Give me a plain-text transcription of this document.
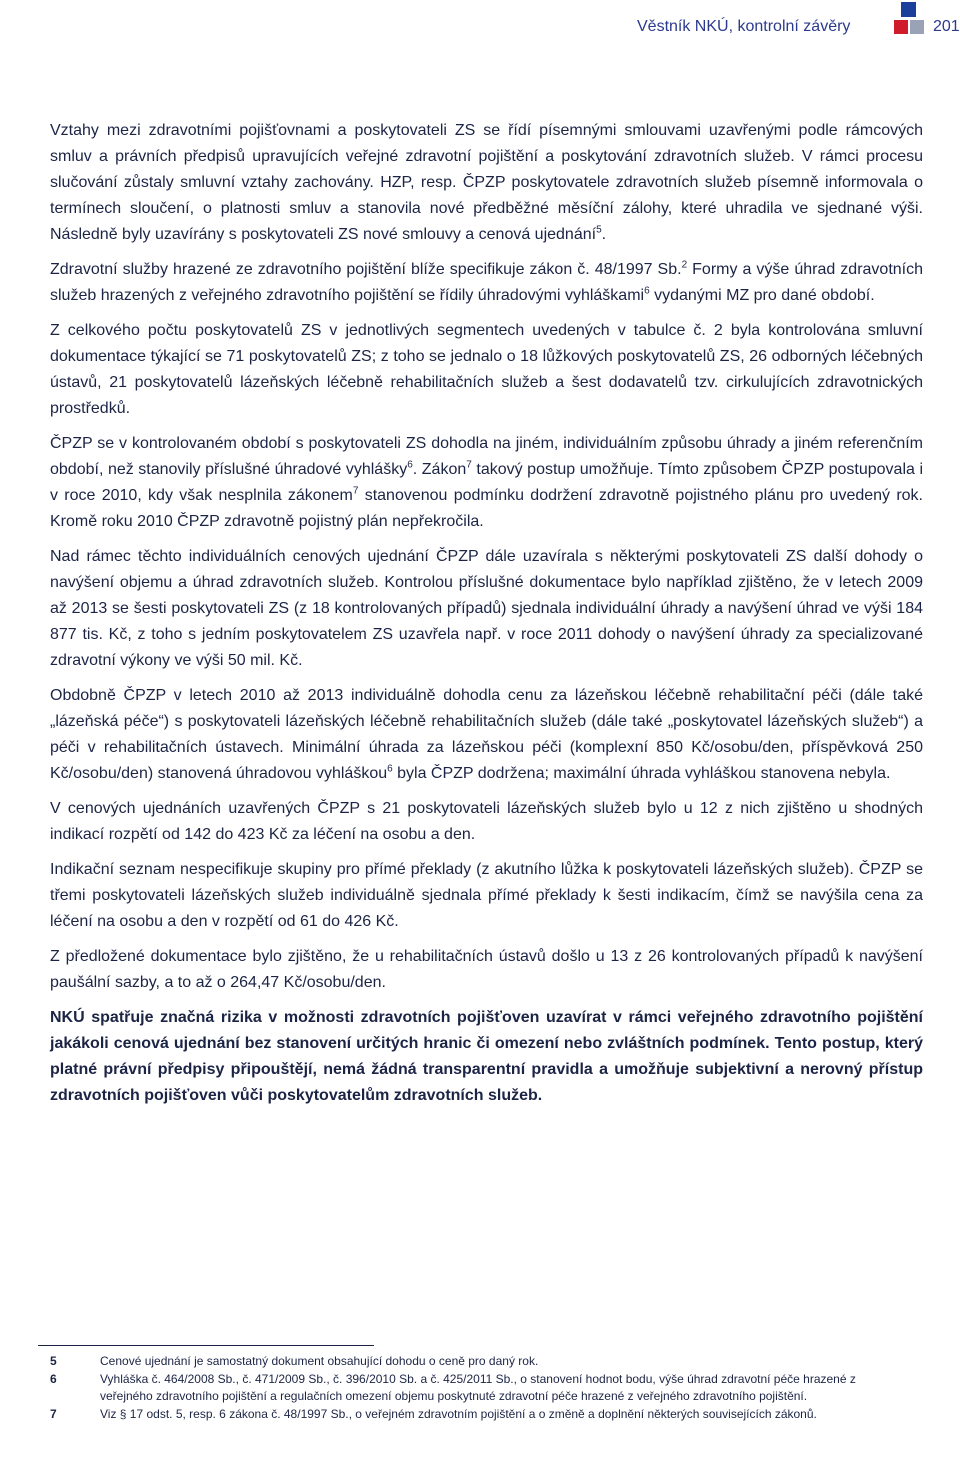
Věstník NKÚ, kontrolní závěry	201

Vztahy mezi zdravotními pojišťovnami a poskytovateli ZS se řídí písemnými smlouvami uzavřenými podle rámcových smluv a právních předpisů upravujících veřejné zdravotní pojištění a poskytování zdravotních služeb. V rámci procesu slučování zůstaly smluvní vztahy zachovány. HZP, resp. ČPZP poskytovatele zdravotních služeb písemně informovala o termínech sloučení, o platnosti smluv a stanovila nové předběžné měsíční zálohy, které uhradila ve sjednané výši. Následně byly uzavírány s poskytovateli ZS nové smlouvy a cenová ujednání$^5$.

Zdravotní služby hrazené ze zdravotního pojištění blíže specifikuje zákon č. 48/1997 Sb.$^2$ Formy a výše úhrad zdravotních služeb hrazených z veřejného zdravotního pojištění se řídily úhradovými vyhláškami$^6$ vydanými MZ pro dané období.

Z celkového počtu poskytovatelů ZS v jednotlivých segmentech uvedených v tabulce č. 2 byla kontrolována smluvní dokumentace týkající se 71 poskytovatelů ZS; z toho se jednalo o 18 lůžkových poskytovatelů ZS, 26 odborných léčebných ústavů, 21 poskytovatelů lázeňských léčebně rehabilitačních služeb a šest dodavatelů tzv. cirkulujících zdravotnických prostředků.

ČPZP se v kontrolovaném období s poskytovateli ZS dohodla na jiném, individuálním způsobu úhrady a jiném referenčním období, než stanovily příslušné úhradové vyhlášky$^6$. Zákon$^7$ takový postup umožňuje. Tímto způsobem ČPZP postupovala i v roce 2010, kdy však nesplnila zákonem$^7$ stanovenou podmínku dodržení zdravotně pojistného plánu pro uvedený rok. Kromě roku 2010 ČPZP zdravotně pojistný plán nepřekročila.

Nad rámec těchto individuálních cenových ujednání ČPZP dále uzavírala s některými poskytovateli ZS další dohody o navýšení objemu a úhrad zdravotních služeb. Kontrolou příslušné dokumentace bylo například zjištěno, že v letech 2009 až 2013 se šesti poskytovateli ZS (z 18 kontrolovaných případů) sjednala individuální úhrady a navýšení úhrad ve výši 184 877 tis. Kč, z toho s jedním poskytovatelem ZS uzavřela např. v roce 2011 dohody o navýšení úhrady za specializované zdravotní výkony ve výši 50 mil. Kč.

Obdobně ČPZP v letech 2010 až 2013 individuálně dohodla cenu za lázeňskou léčebně rehabilitační péči (dále také „lázeňská péče“) s poskytovateli lázeňských léčebně rehabilitačních služeb (dále také „poskytovatel lázeňských služeb“) a péči v rehabilitačních ústavech. Minimální úhrada za lázeňskou péči (komplexní 850 Kč/osobu/den, příspěvková 250 Kč/osobu/den) stanovená úhradovou vyhláškou$^6$ byla ČPZP dodržena; maximální úhrada vyhláškou stanovena nebyla.

V cenových ujednáních uzavřených ČPZP s 21 poskytovateli lázeňských služeb bylo u 12 z nich zjištěno u shodných indikací rozpětí od 142 do 423 Kč za léčení na osobu a den.

Indikační seznam nespecifikuje skupiny pro přímé překlady (z akutního lůžka k poskytovateli lázeňských služeb). ČPZP se třemi poskytovateli lázeňských služeb individuálně sjednala přímé překlady k šesti indikacím, čímž se navýšila cena za léčení na osobu a den v rozpětí od 61 do 426 Kč.

Z předložené dokumentace bylo zjištěno, že u rehabilitačních ústavů došlo u 13 z 26 kontrolovaných případů k navýšení paušální sazby, a to až o 264,47 Kč/osobu/den.

NKÚ spatřuje značná rizika v možnosti zdravotních pojišťoven uzavírat v rámci veřejného zdravotního pojištění jakákoli cenová ujednání bez stanovení určitých hranic či omezení nebo zvláštních podmínek. Tento postup, který platné právní předpisy připouštějí, nemá žádná transparentní pravidla a umožňuje subjektivní a nerovný přístup zdravotních pojišťoven vůči poskytovatelům zdravotních služeb.

5	Cenové ujednání je samostatný dokument obsahující dohodu o ceně pro daný rok.
6	Vyhláška č. 464/2008 Sb., č. 471/2009 Sb., č. 396/2010 Sb. a č. 425/2011 Sb., o stanovení hodnot bodu, výše úhrad zdravotní péče hrazené z veřejného zdravotního pojištění a regulačních omezení objemu poskytnuté zdravotní péče hrazené z veřejného zdravotního pojištění.
7	Viz § 17 odst. 5, resp. 6 zákona č. 48/1997 Sb., o veřejném zdravotním pojištění a o změně a doplnění některých souvisejících zákonů.
